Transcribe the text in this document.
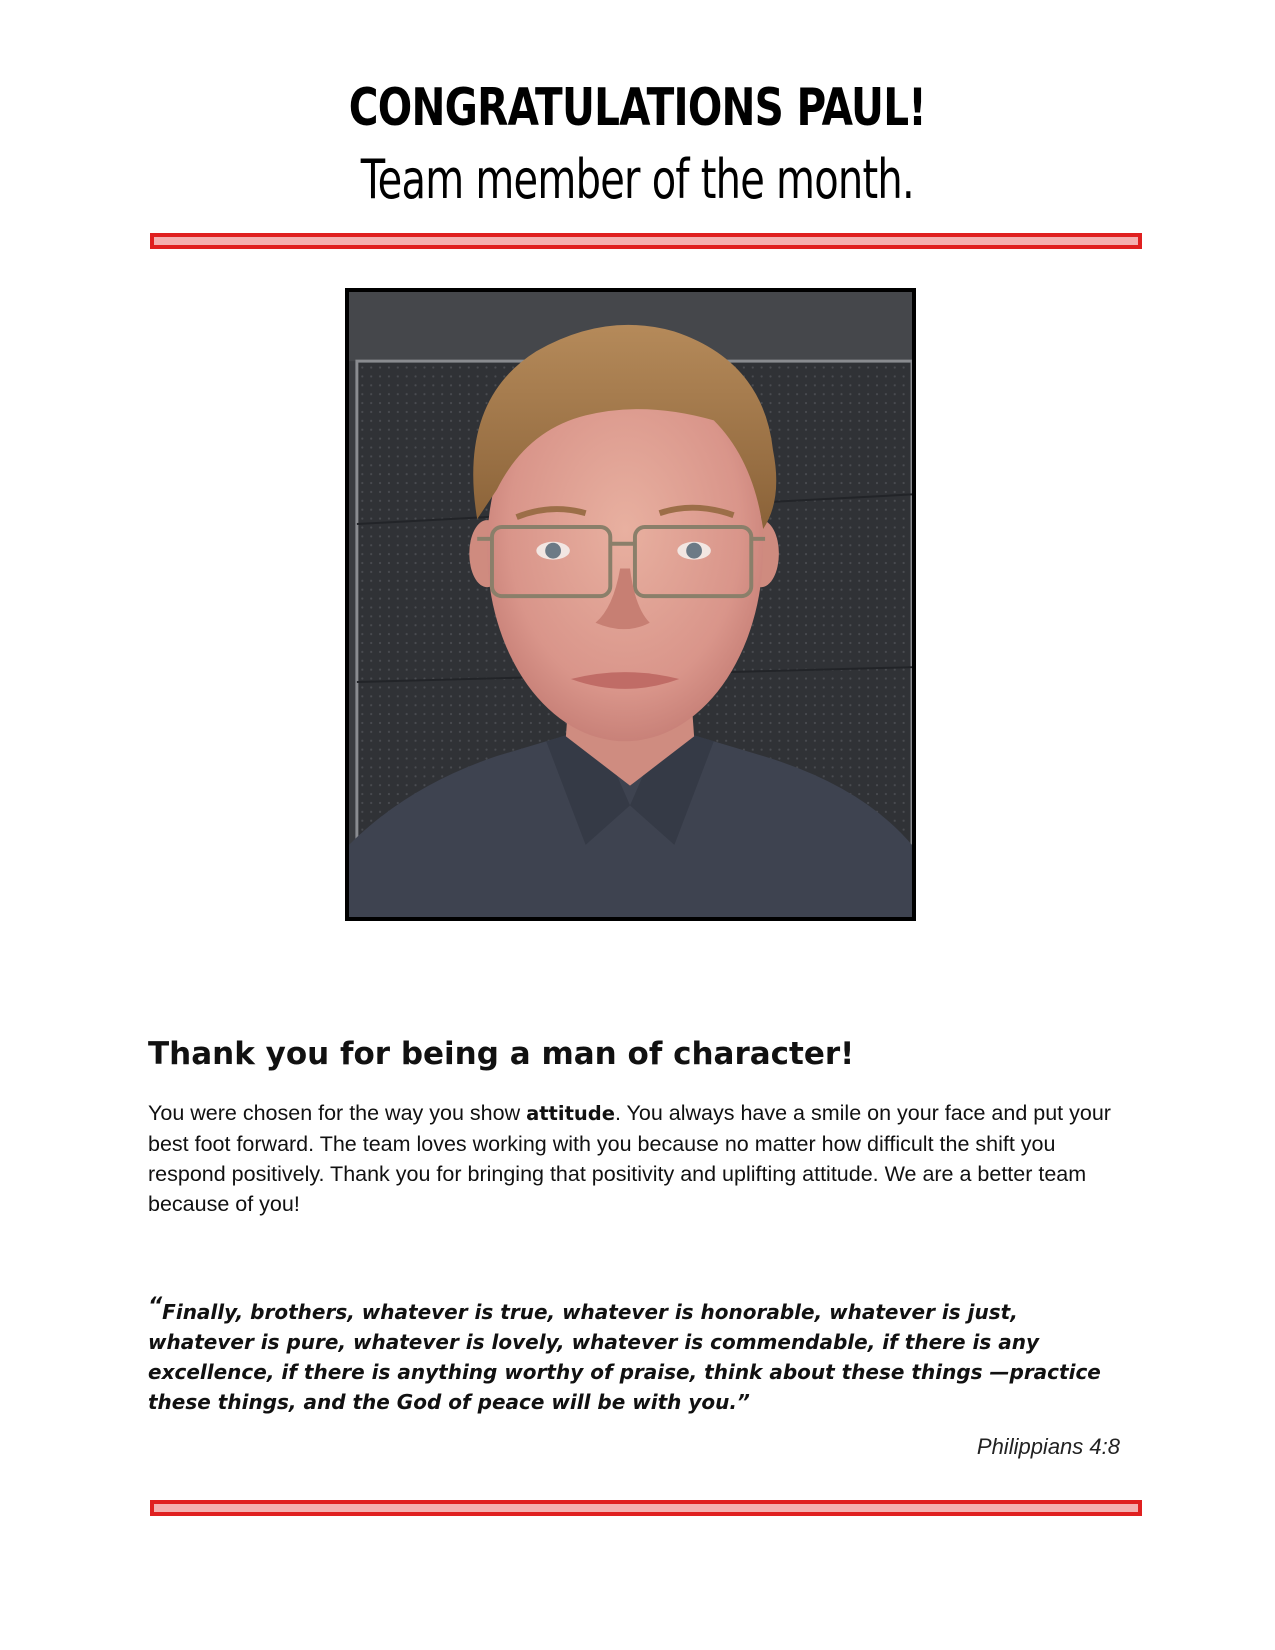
CONGRATULATIONS PAUL!
Team member of the month.
Thank you for being a man of character!
You were chosen for the way you show attitude. You always have a smile on your face and put your best foot forward. The team loves working with you because no matter how difficult the shift you respond positively. Thank you for bringing that positivity and uplifting attitude. We are a better team because of you!
“Finally, brothers, whatever is true, whatever is honorable, whatever is just, whatever is pure, whatever is lovely, whatever is commendable, if there is any excellence, if there is anything worthy of praise, think about these things —practice these things, and the God of peace will be with you.”
Philippians 4:8
